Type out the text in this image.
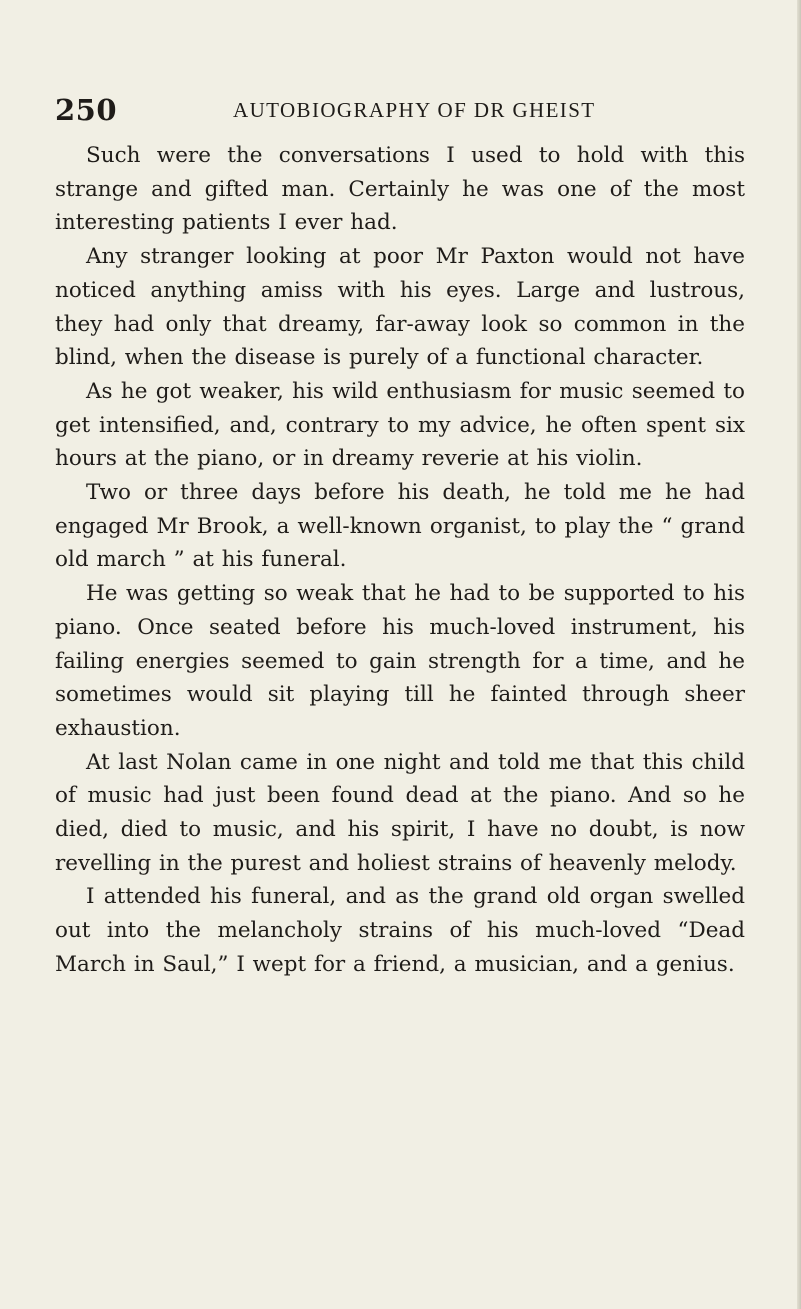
250	AUTOBIOGRAPHY OF DR GHEIST

Such were the conversations I used to hold with this strange and gifted man. Certainly he was one of the most interesting patients I ever had.

Any stranger looking at poor Mr Paxton would not have noticed anything amiss with his eyes. Large and lustrous, they had only that dreamy, far-away look so common in the blind, when the disease is purely of a functional character.

As he got weaker, his wild enthusiasm for music seemed to get intensified, and, contrary to my advice, he often spent six hours at the piano, or in dreamy reverie at his violin.

Two or three days before his death, he told me he had engaged Mr Brook, a well-known organist, to play the “ grand old march ” at his funeral.

He was getting so weak that he had to be supported to his piano. Once seated before his much-loved instrument, his failing energies seemed to gain strength for a time, and he sometimes would sit playing till he fainted through sheer exhaustion.

At last Nolan came in one night and told me that this child of music had just been found dead at the piano. And so he died, died to music, and his spirit, I have no doubt, is now revelling in the purest and holiest strains of heavenly melody.

I attended his funeral, and as the grand old organ swelled out into the melancholy strains of his much-loved “Dead March in Saul,” I wept for a friend, a musician, and a genius.
